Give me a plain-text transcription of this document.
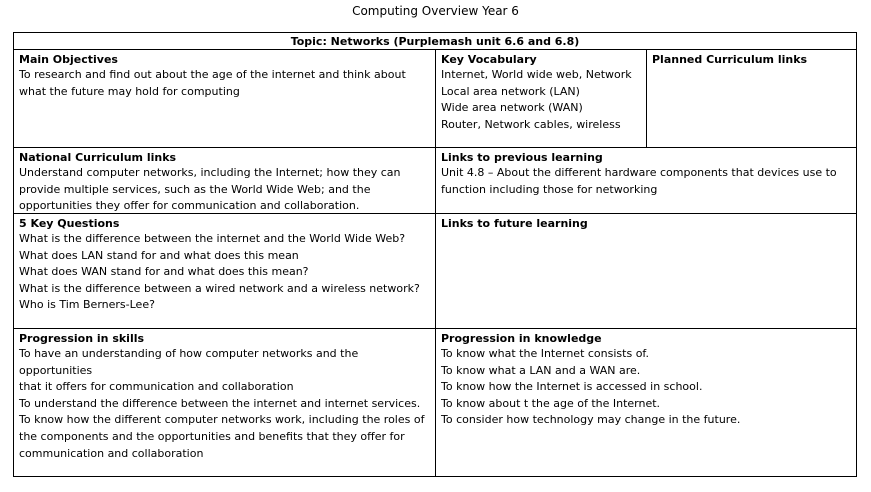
Computing Overview Year 6
Topic: Networks (Purplemash unit 6.6 and 6.8)
Main Objectives
To research and find out about the age of the internet and think about
what the future may hold for computing
Key Vocabulary
Internet, World wide web, Network
Local area network (LAN)
Wide area network (WAN)
Router, Network cables, wireless
Planned Curriculum links
National Curriculum links
Understand computer networks, including the Internet; how they can
provide multiple services, such as the World Wide Web; and the
opportunities they offer for communication and collaboration.
Links to previous learning
Unit 4.8 – About the different hardware components that devices use to
function including those for networking
5 Key Questions
What is the difference between the internet and the World Wide Web?
What does LAN stand for and what does this mean
What does WAN stand for and what does this mean?
What is the difference between a wired network and a wireless network?
Who is Tim Berners-Lee?
Links to future learning
Progression in skills
To have an understanding of how computer networks and the opportunities
that it offers for communication and collaboration
To understand the difference between the internet and internet services.
To know how the different computer networks work, including the roles of
the components and the opportunities and benefits that they offer for
communication and collaboration
Progression in knowledge
To know what the Internet consists of.
To know what a LAN and a WAN are.
To know how the Internet is accessed in school.
To know about t the age of the Internet.
To consider how technology may change in the future.
